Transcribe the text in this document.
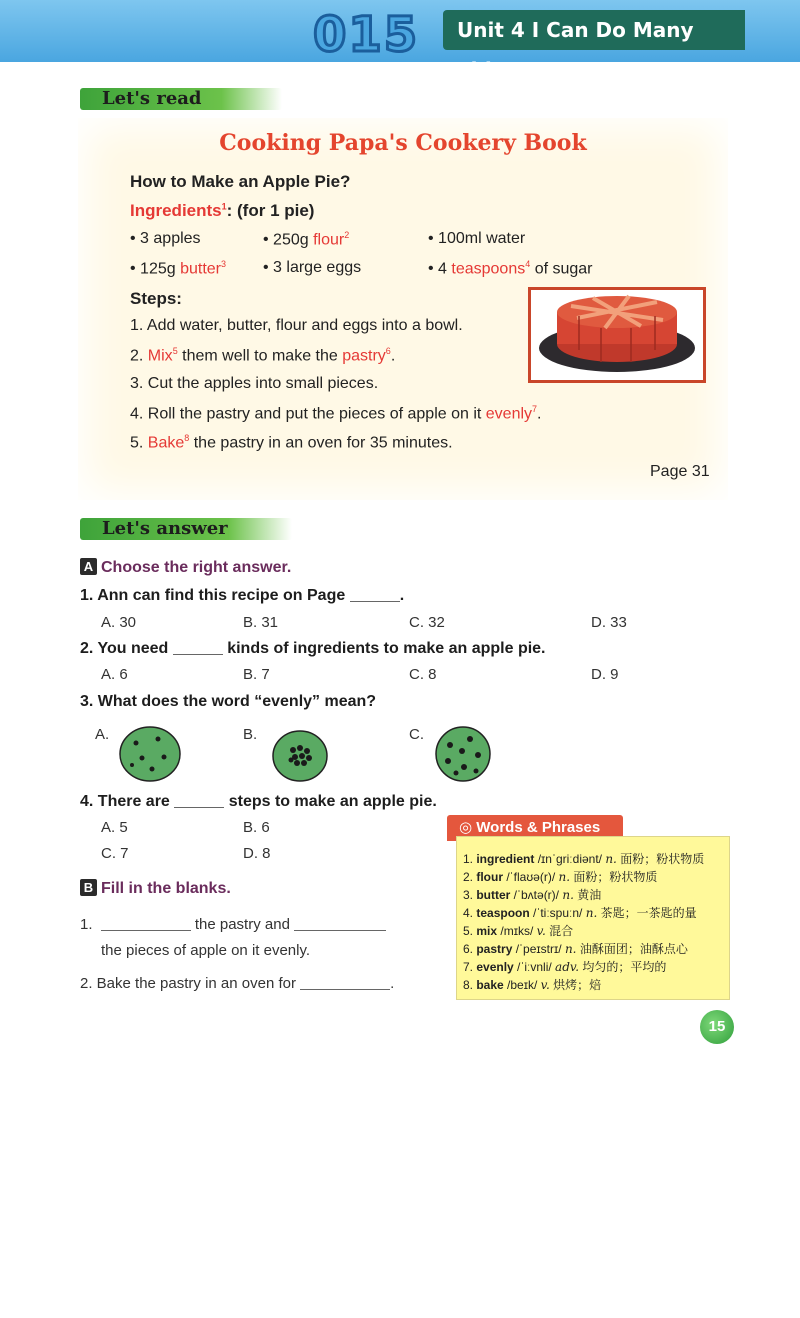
015	Unit 4 I Can Do Many Things
Let's read
Cooking Papa's Cookery Book
How to Make an Apple Pie?
Ingredients$^1$: (for 1 pie)
• 3 apples	• 250g flour$^2$	• 100ml water
• 125g butter$^3$	• 3 large eggs	• 4 teaspoons$^4$ of sugar
Steps:
1. Add water, butter, flour and eggs into a bowl.
2. Mix$^5$ them well to make the pastry$^6$.
3. Cut the apples into small pieces.
4. Roll the pastry and put the pieces of apple on it evenly$^7$.
5. Bake$^8$ the pastry in an oven for 35 minutes.
Page 31
Let's answer
A Choose the right answer.
1. Ann can find this recipe on Page	.
A. 30	B. 31	C. 32	D. 33
2. You need	kinds of ingredients to make an apple pie.
A. 6	B. 7	C. 8	D. 9
3. What does the word “evenly” mean?
A.	B.	C.
4. There are	steps to make an apple pie.
A. 5	B. 6
C. 7	D. 8
B Fill in the blanks.
1.	the pastry and
the pieces of apple on it evenly.
2. Bake the pastry in an oven for	.
◎ Words & Phrases
1. ingredient /ɪnˈgriːdiənt/ n. 面粉；粉状物质
2. flour /ˈflaʊə(r)/ n. 面粉；粉状物质
3. butter /ˈbʌtə(r)/ n. 黄油
4. teaspoon /ˈtiːspuːn/ n. 茶匙；一茶匙的量
5. mix /mɪks/ v. 混合
6. pastry /ˈpeɪstrɪ/ n. 油酥面团；油酥点心
7. evenly /ˈiːvnli/ adv. 均匀的；平均的
8. bake /beɪk/ v. 烘烤；焙
15
